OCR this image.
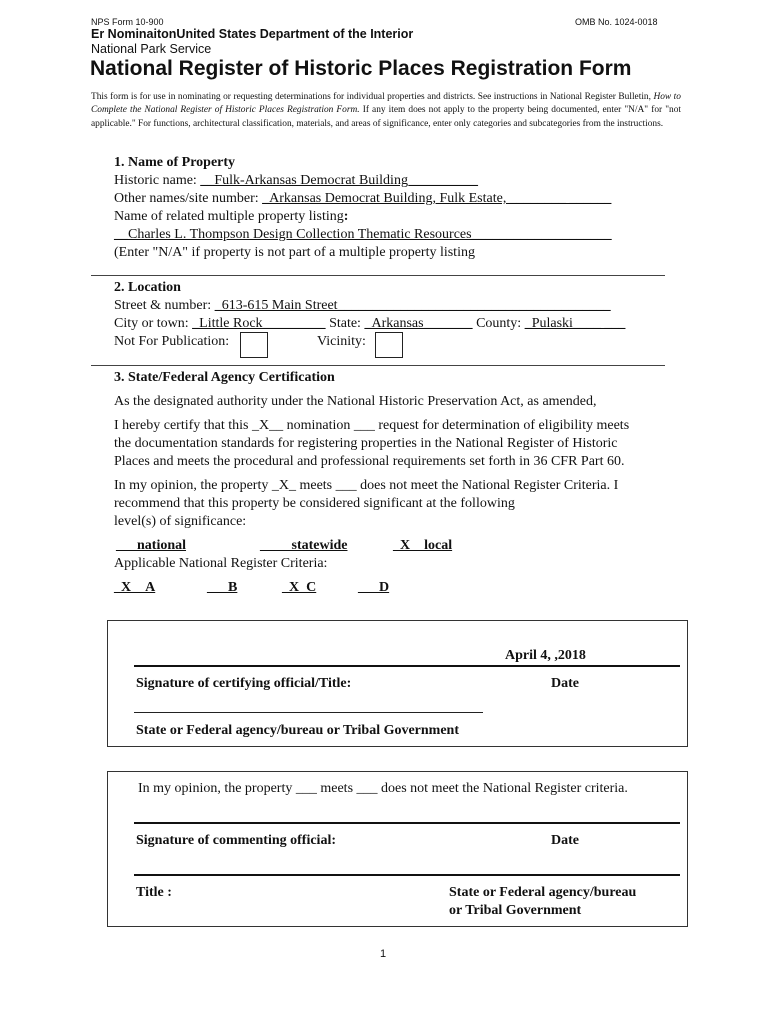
NPS Form 10-900	OMB No. 1024-0018
Er NominaitonUnited States Department of the Interior
National Park Service
National Register of Historic Places Registration Form
This form is for use in nominating or requesting determinations for individual properties and districts. See instructions in National Register Bulletin, How to Complete the National Register of Historic Places Registration Form. If any item does not apply to the property being documented, enter "N/A" for "not applicable." For functions, architectural classification, materials, and areas of significance, enter only categories and subcategories from the instructions.
1. Name of Property
Historic name: __Fulk-Arkansas Democrat Building__________
Other names/site number: _Arkansas Democrat Building, Fulk Estate, ________ ______
Name of related multiple property listing:
__Charles L. Thompson Design Collection Thematic Resources____________________
(Enter "N/A" if property is not part of a multiple property listing
2. Location
Street & number: _613-615 Main Street_______________________________________
City or town: _Little Rock_________ State: _Arkansas_______ County: _Pulaski____ ___
Not For Publication:	Vicinity:
3. State/Federal Agency Certification
As the designated authority under the National Historic Preservation Act, as amended,
I hereby certify that this _X__ nomination ___ request for determination of eligibility meets
the documentation standards for registering properties in the National Register of Historic
Places and meets the procedural and professional requirements set forth in 36 CFR Part 60.
In my opinion, the property _X_ meets ___ does not meet the National Register Criteria. I
recommend that this property be considered significant at the following
level(s) of significance:
___national	__ __statewide	_X__local
Applicable National Register Criteria:
_X__A	___B	_X_C	___D
April 4, ,2018
Signature of certifying official/Title:	Date
State or Federal agency/bureau or Tribal Government
In my opinion, the property ___ meets ___ does not meet the National Register criteria.
Signature of commenting official:	Date
Title :	State or Federal agency/bureau
or Tribal Government
1
